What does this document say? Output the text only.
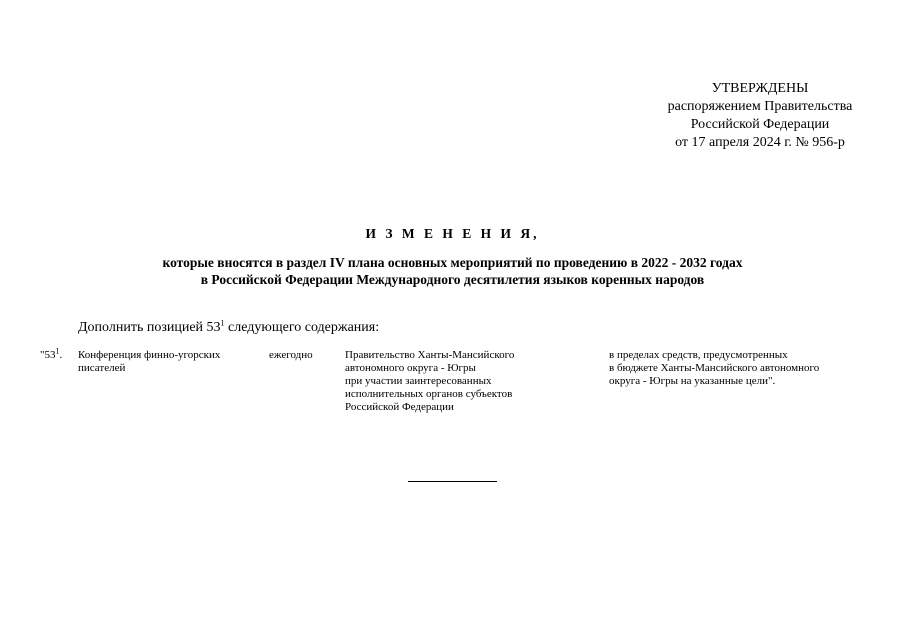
УТВЕРЖДЕНЫ
распоряжением Правительства
Российской Федерации
от 17 апреля 2024 г. № 956-р
И З М Е Н Е Н И Я,
которые вносятся в раздел IV плана основных мероприятий по проведению в 2022 - 2032 годах
в Российской Федерации Международного десятилетия языков коренных народов
Дополнить позицией $53^1$ следующего содержания:
"$53^1$. Конференция финно-угорских
писателей
ежегодно	Правительство Ханты-Мансийского
автономного округа - Югры
при участии заинтересованных
исполнительных органов субъектов
Российской Федерации
в пределах средств, предусмотренных
в бюджете Ханты-Мансийского автономного
округа - Югры на указанные цели".
